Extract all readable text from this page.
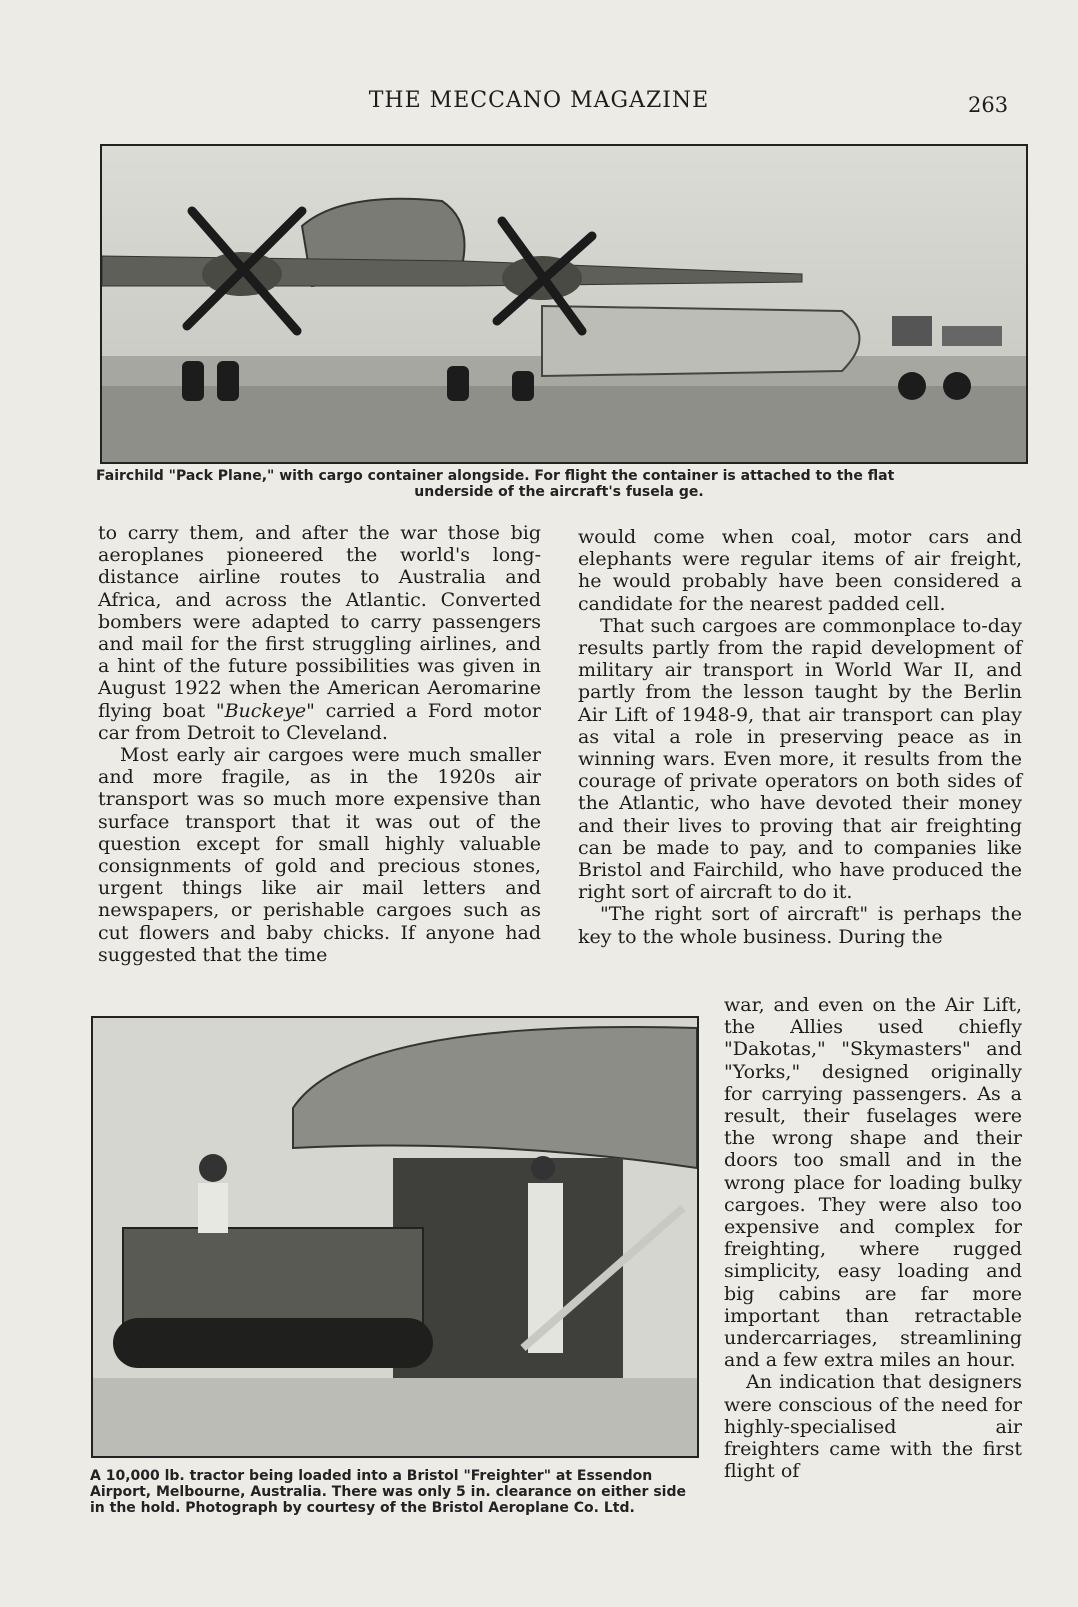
THE MECCANO MAGAZINE	263
Fairchild "Pack Plane," with cargo container alongside. For flight the container is attached to the flat
underside of the aircraft's fusela ge.

to carry them, and after the war those big aeroplanes pioneered the world's long-distance airline routes to Australia and Africa, and across the Atlantic. Converted bombers were adapted to carry passengers and mail for the first struggling airlines, and a hint of the future possibilities was given in August 1922 when the American Aeromarine flying boat "Buckeye" carried a Ford motor car from Detroit to Cleveland.

Most early air cargoes were much smaller and more fragile, as in the 1920s air transport was so much more expensive than surface transport that it was out of the question except for small highly valuable consignments of gold and precious stones, urgent things like air mail letters and newspapers, or perishable cargoes such as cut flowers and baby chicks. If anyone had suggested that the time

would come when coal, motor cars and elephants were regular items of air freight, he would probably have been considered a candidate for the nearest padded cell.

That such cargoes are commonplace to-day results partly from the rapid development of military air transport in World War II, and partly from the lesson taught by the Berlin Air Lift of 1948-9, that air transport can play as vital a role in preserving peace as in winning wars. Even more, it results from the courage of private operators on both sides of the Atlantic, who have devoted their money and their lives to proving that air freighting can be made to pay, and to companies like Bristol and Fairchild, who have produced the right sort of aircraft to do it.

"The right sort of aircraft" is perhaps the key to the whole business. During the

war, and even on the Air Lift, the Allies used chiefly "Dakotas," "Skymasters" and "Yorks," designed originally for carrying passengers. As a result, their fuselages were the wrong shape and their doors too small and in the wrong place for loading bulky cargoes. They were also too expensive and complex for freighting, where rugged simplicity, easy loading and big cabins are far more important than retractable undercarriages, streamlining and a few extra miles an hour.

An indication that designers were conscious of the need for highly-specialised air freighters came with the first flight of

A 10,000 lb. tractor being loaded into a Bristol "Freighter" at Essendon Airport, Melbourne, Australia. There was only 5 in. clearance on either side in the hold. Photograph by courtesy of the Bristol Aeroplane Co. Ltd.
